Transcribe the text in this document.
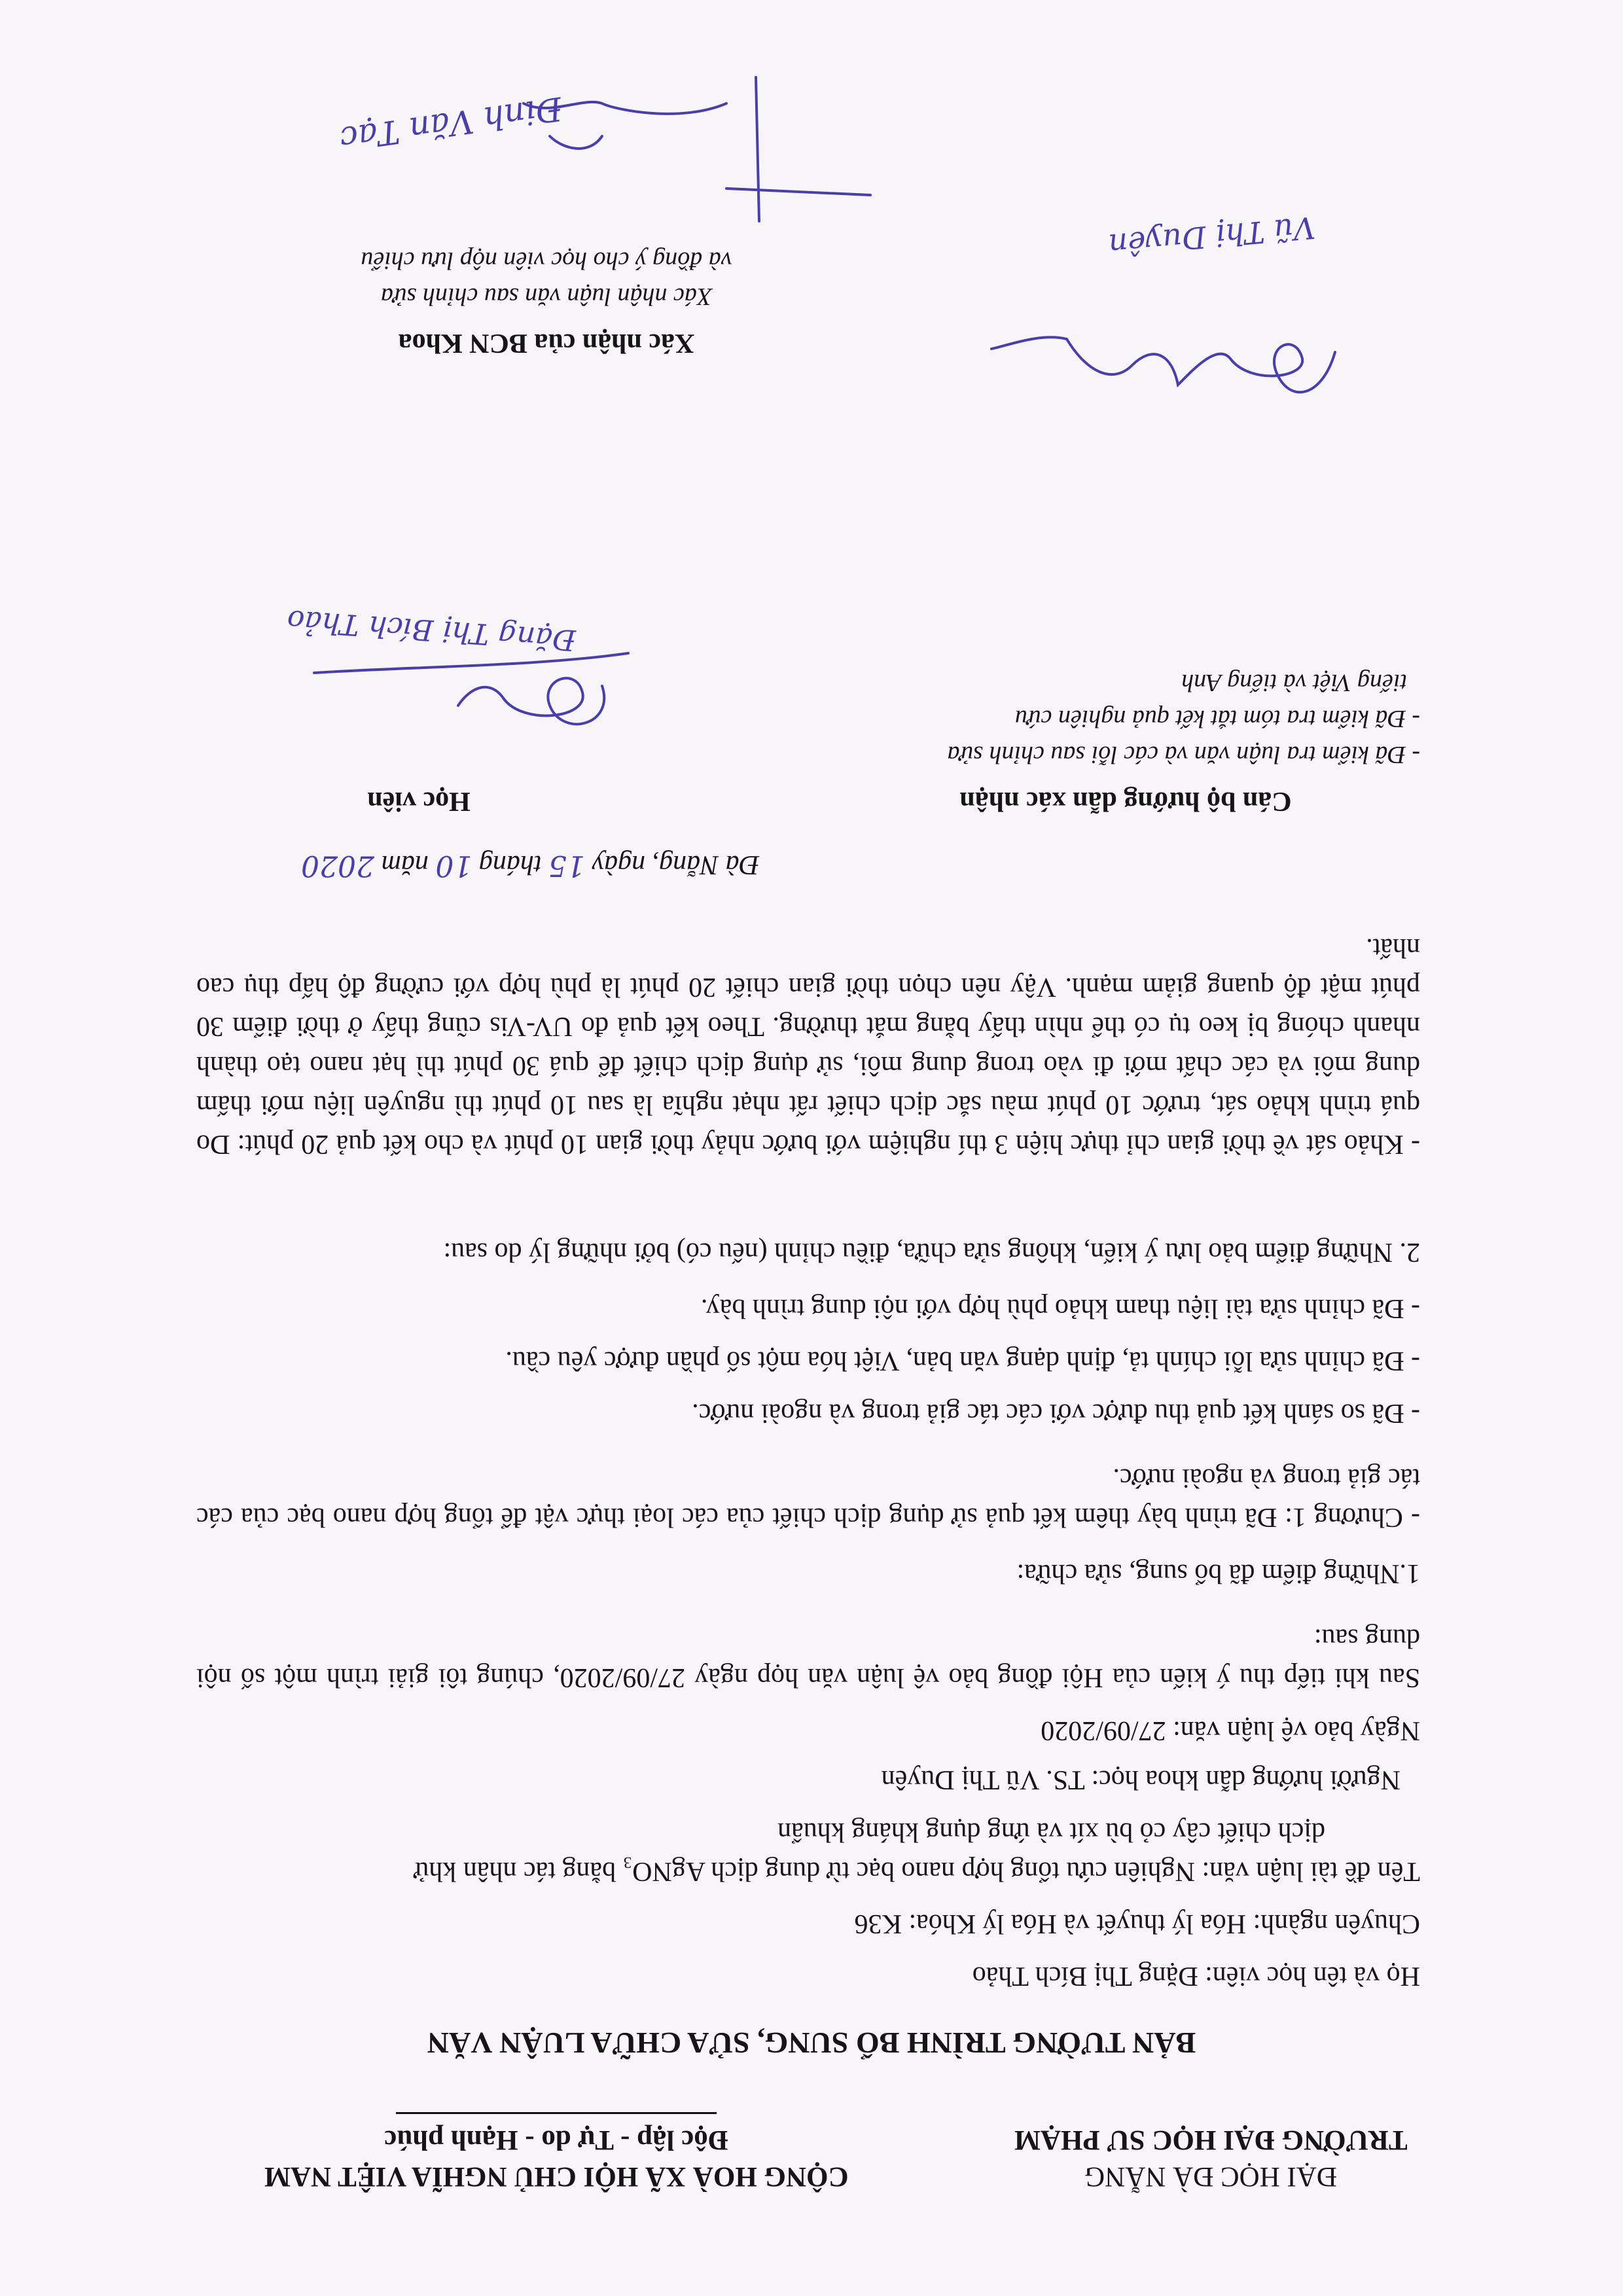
ĐẠI HỌC ĐÀ NẴNG
TRƯỜNG ĐẠI HỌC SƯ PHẠM
CỘNG HOÀ XÃ HỘI CHỦ NGHĨA VIỆT NAM
Độc lập - Tự do - Hạnh phúc
BẢN TƯỜNG TRÌNH BỔ SUNG, SỬA CHỮA LUẬN VĂN
Họ và tên học viên: Đặng Thị Bích Thảo
Chuyên ngành: Hóa lý thuyết và Hóa lý Khóa: K36
Tên đề tài luận văn: Nghiên cứu tổng hợp nano bạc từ dung dịch AgNO₃ bằng tác nhân khử
dịch chiết cây cỏ bù xít và ứng dụng kháng khuẩn
Người hướng dẫn khoa học: TS. Vũ Thị Duyên
Ngày bảo vệ luận văn: 27/09/2020
Sau khi tiếp thu ý kiến của Hội đồng bảo vệ luận văn họp ngày 27/09/2020, chúng tôi giải trình một số nội dung sau:
1.Những điểm đã bổ sung, sửa chữa:
- Chương 1: Đã trình bày thêm kết quả sử dụng dịch chiết của các loại thực vật để tổng hợp nano bạc của các tác giả trong và ngoài nước.
- Đã so sánh kết quả thu được với các tác giả trong và ngoài nước.
- Đã chỉnh sửa lỗi chính tả, định dạng văn bản, Việt hóa một số phần được yêu cầu.
- Đã chỉnh sửa tài liệu tham khảo phù hợp với nội dung trình bày.
2. Những điểm bảo lưu ý kiến, không sửa chữa, điều chỉnh (nếu có) bởi những lý do sau:
- Khảo sát về thời gian chỉ thực hiện 3 thí nghiệm với bước nhảy thời gian 10 phút và cho kết quả 20 phút: Do quá trình khảo sát, trước 10 phút màu sắc dịch chiết rất nhạt nghĩa là sau 10 phút thì nguyên liệu mới thấm dung môi và các chất mới đi vào trong dung môi, sử dụng dịch chiết để quá 30 phút thì hạt nano tạo thành nhanh chóng bị keo tụ có thể nhìn thấy bằng mắt thường. Theo kết quả đo UV-Vis cũng thấy ở thời điểm 30 phút mật độ quang giảm mạnh. Vậy nên chọn thời gian chiết 20 phút là phù hợp với cường độ hấp thụ cao nhất.
Đà Nẵng, ngày 15 tháng 10 năm 2020
Cán bộ hướng dẫn xác nhận
- Đã kiểm tra luận văn và các lỗi sau chỉnh sửa
- Đã kiểm tra tóm tắt kết quả nghiên cứu
tiếng Việt và tiếng Anh
Học viên
Đặng Thị Bích Thảo
Vũ Thị Duyên
Xác nhận của BCN Khoa
Xác nhận luận văn sau chỉnh sửa
và đồng ý cho học viên nộp lưu chiểu
Đinh Văn Tạc
